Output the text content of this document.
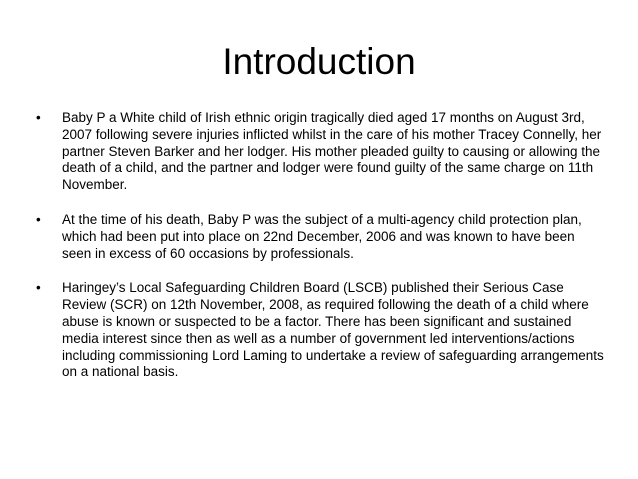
Introduction
• Baby P a White child of Irish ethnic origin tragically died aged 17 months on August 3rd, 2007 following severe injuries inflicted whilst in the care of his mother Tracey Connelly, her partner Steven Barker and her lodger. His mother pleaded guilty to causing or allowing the death of a child, and the partner and lodger were found guilty of the same charge on 11th November.
• At the time of his death, Baby P was the subject of a multi-agency child protection plan, which had been put into place on 22nd December, 2006 and was known to have been seen in excess of 60 occasions by professionals.
• Haringey’s Local Safeguarding Children Board (LSCB) published their Serious Case Review (SCR) on 12th November, 2008, as required following the death of a child where abuse is known or suspected to be a factor. There has been significant and sustained media interest since then as well as a number of government led interventions/actions including commissioning Lord Laming to undertake a review of safeguarding arrangements on a national basis.
